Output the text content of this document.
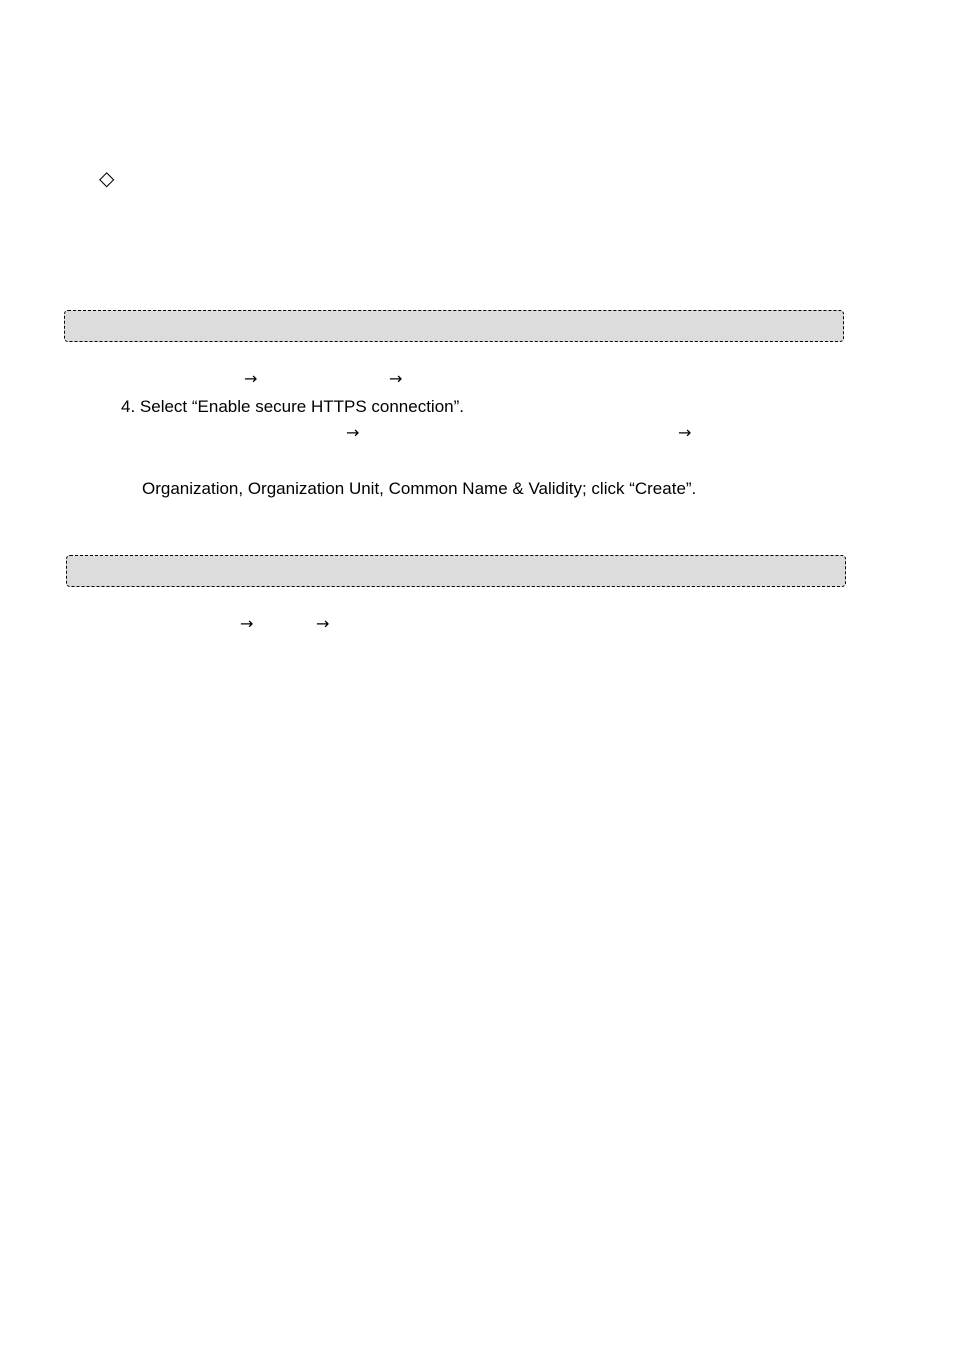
◇
→	→
4. Select “Enable secure HTTPS connection”.
→	→
Organization, Organization Unit, Common Name & Validity; click “Create”.
→	→
